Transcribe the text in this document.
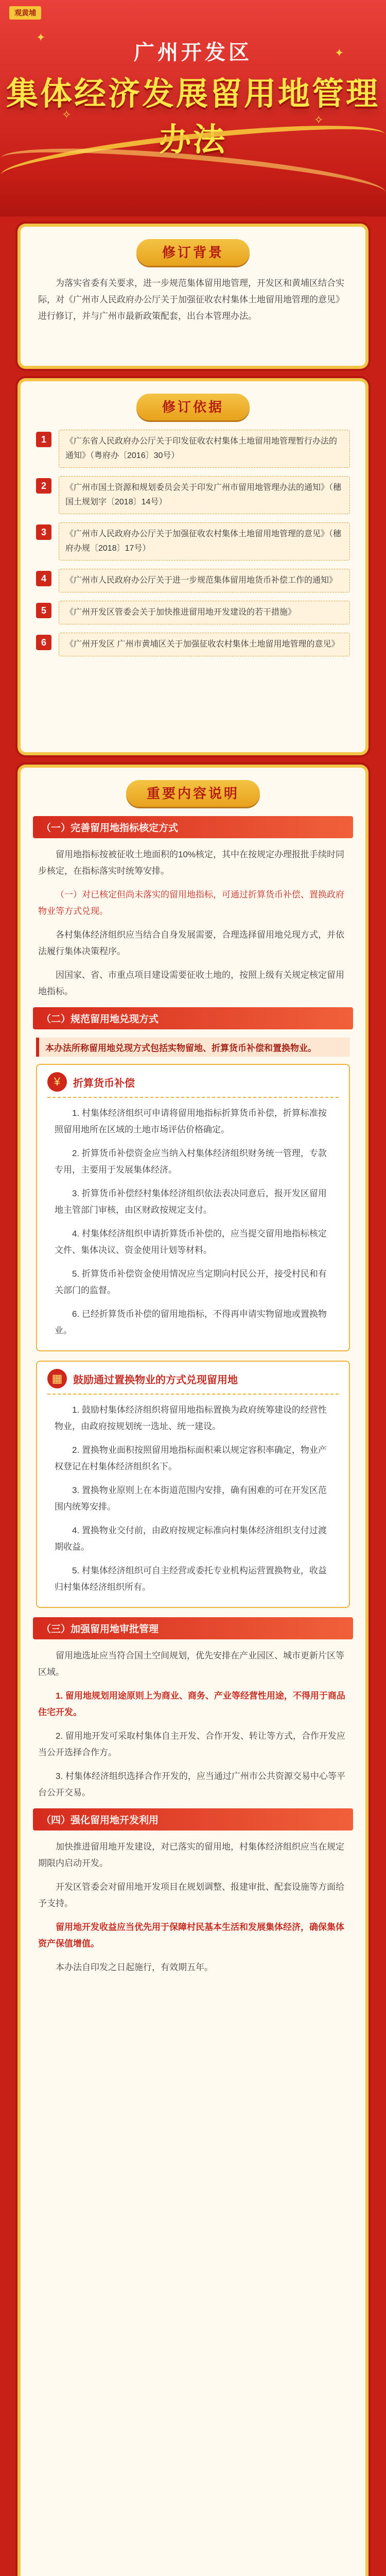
观黄埔
✦
✦
✧	✧
广州开发区
集体经济发展留用地管理办法
修订背景

为落实省委有关要求，进一步规范集体留用地管理，开发区和黄埔区结合实际，对《广州市人民政府办公厅关于加强征收农村集体土地留用地管理的意见》进行修订，并与广州市最新政策配套，出台本管理办法。

修订依据
1	《广东省人民政府办公厅关于印发征收农村集体土地留用地管理暂行办法的通知》（粤府办〔2016〕30号）
2	《广州市国土资源和规划委员会关于印发广州市留用地管理办法的通知》（穗国土规划字〔2018〕14号）
3	《广州市人民政府办公厅关于加强征收农村集体土地留用地管理的意见》（穗府办规〔2018〕17号）
4	《广州市人民政府办公厅关于进一步规范集体留用地货币补偿工作的通知》
5	《广州开发区管委会关于加快推进留用地开发建设的若干措施》
6	《广州开发区 广州市黄埔区关于加强征收农村集体土地留用地管理的意见》
重要内容说明
（一）完善留用地指标核定方式

留用地指标按被征收土地面积的10%核定，其中在按规定办理报批手续时同步核定，在指标落实时统筹安排。

（一）对已核定但尚未落实的留用地指标，可通过折算货币补偿、置换政府物业等方式兑现。

各村集体经济组织应当结合自身发展需要，合理选择留用地兑现方式，并依法履行集体决策程序。

因国家、省、市重点项目建设需要征收土地的，按照上级有关规定核定留用地指标。

（二）规范留用地兑现方式
本办法所称留用地兑现方式包括实物留地、折算货币补偿和置换物业。
¥	折算货币补偿

1. 村集体经济组织可申请将留用地指标折算货币补偿，折算标准按照留用地所在区域的土地市场评估价格确定。

2. 折算货币补偿资金应当纳入村集体经济组织财务统一管理，专款专用，主要用于发展集体经济。

3. 折算货币补偿经村集体经济组织依法表决同意后，报开发区留用地主管部门审核，由区财政按规定支付。

4. 村集体经济组织申请折算货币补偿的，应当提交留用地指标核定文件、集体决议、资金使用计划等材料。

5. 折算货币补偿资金使用情况应当定期向村民公开，接受村民和有关部门的监督。

6. 已经折算货币补偿的留用地指标，不得再申请实物留地或置换物业。

▦	鼓励通过置换物业的方式兑现留用地

1. 鼓励村集体经济组织将留用地指标置换为政府统筹建设的经营性物业，由政府按规划统一选址、统一建设。

2. 置换物业面积按照留用地指标面积乘以规定容积率确定，物业产权登记在村集体经济组织名下。

3. 置换物业原则上在本街道范围内安排，确有困难的可在开发区范围内统筹安排。

4. 置换物业交付前，由政府按规定标准向村集体经济组织支付过渡期收益。

5. 村集体经济组织可自主经营或委托专业机构运营置换物业，收益归村集体经济组织所有。

（三）加强留用地审批管理

留用地选址应当符合国土空间规划，优先安排在产业园区、城市更新片区等区域。

1. 留用地规划用途原则上为商业、商务、产业等经营性用途，不得用于商品住宅开发。

2. 留用地开发可采取村集体自主开发、合作开发、转让等方式，合作开发应当公开选择合作方。

3. 村集体经济组织选择合作开发的，应当通过广州市公共资源交易中心等平台公开交易。

（四）强化留用地开发利用

加快推进留用地开发建设，对已落实的留用地，村集体经济组织应当在规定期限内启动开发。

开发区管委会对留用地开发项目在规划调整、报建审批、配套设施等方面给予支持。

留用地开发收益应当优先用于保障村民基本生活和发展集体经济，确保集体资产保值增值。

本办法自印发之日起施行，有效期五年。
